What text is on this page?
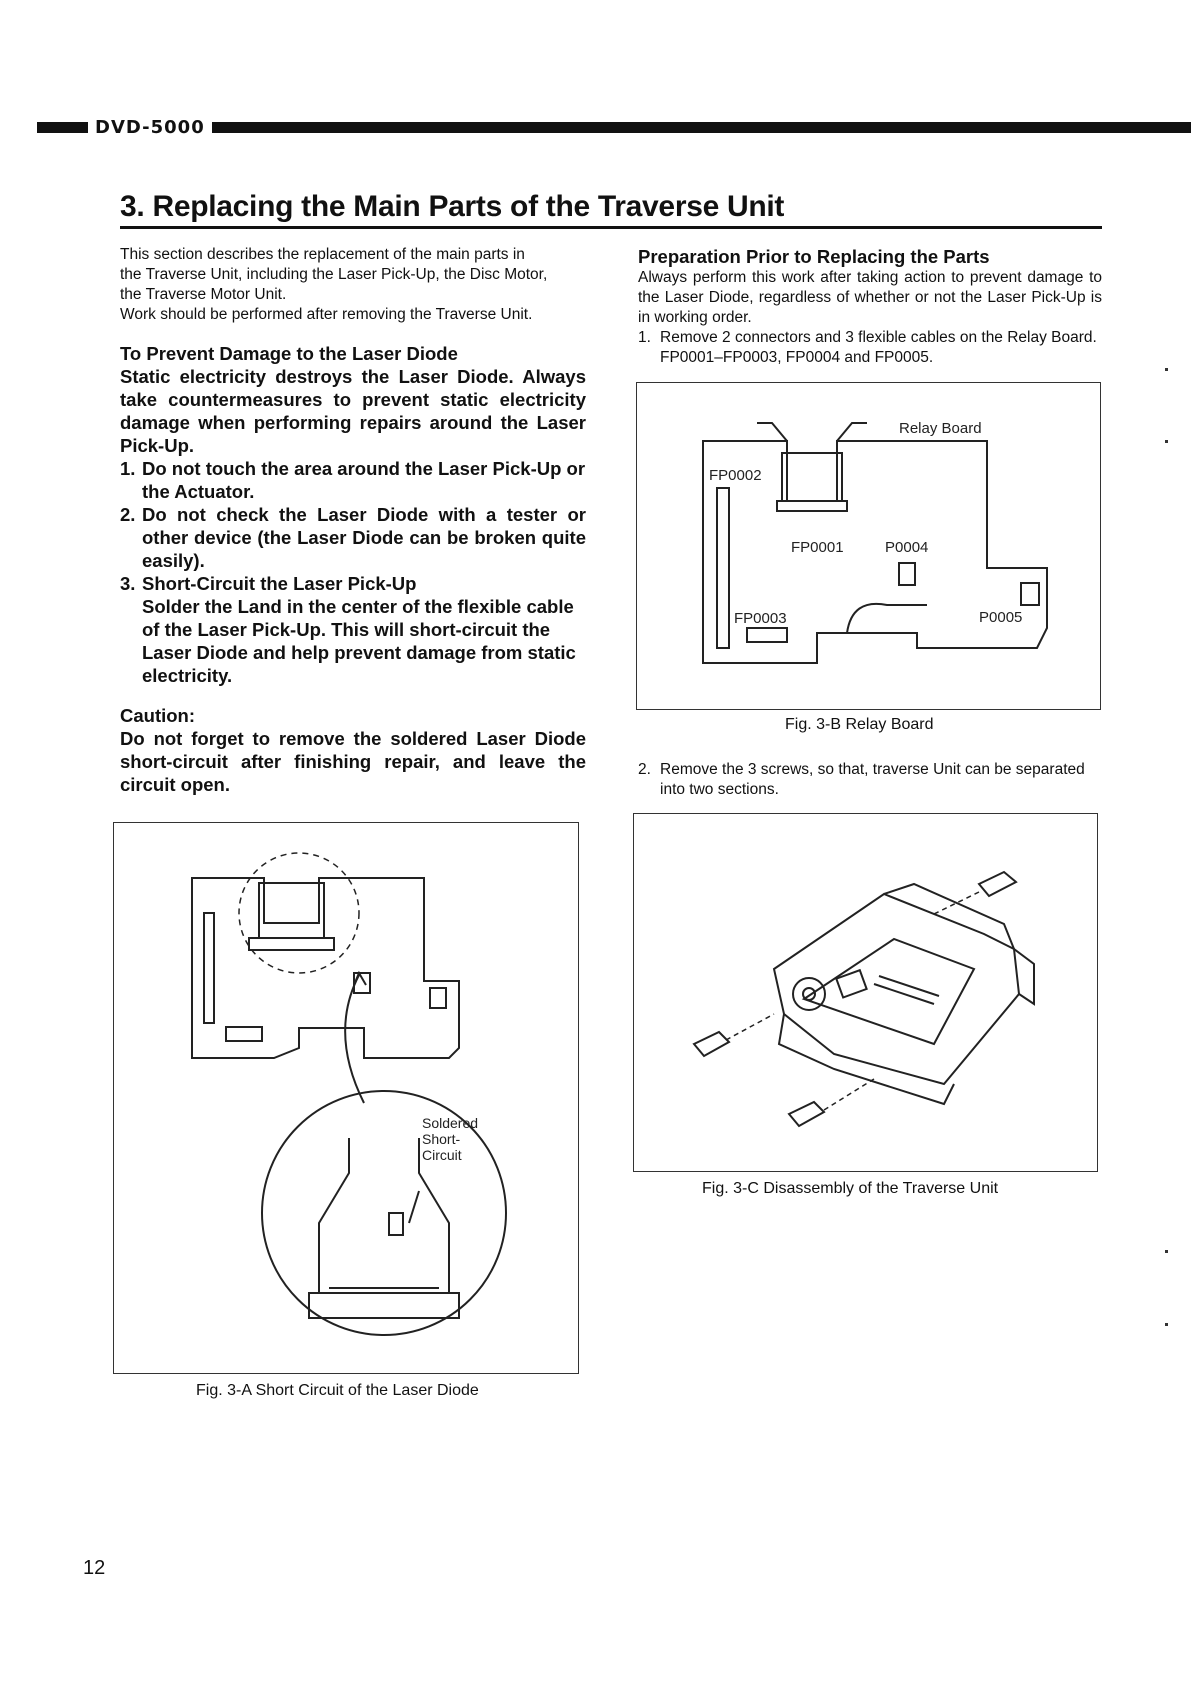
DVD-5000
3. Replacing the Main Parts of the Traverse Unit

This section describes the replacement of the main parts in

the Traverse Unit, including the Laser Pick-Up, the Disc Motor,

the Traverse Motor Unit.

Work should be performed after removing the Traverse Unit.

To Prevent Damage to the Laser Diode

Static electricity destroys the Laser Diode. Always take countermeasures to prevent static electricity damage when performing repairs around the Laser Pick-Up.

1. Do not touch the area around the Laser Pick-Up or the Actuator.
2. Do not check the Laser Diode with a tester or other device (the Laser Diode can be broken quite easily).
3. Short-Circuit the Laser Pick-Up
Solder the Land in the center of the flexible cable of the Laser Pick-Up. This will short-circuit the Laser Diode and help prevent damage from static electricity.

Caution:

Do not forget to remove the soldered Laser Diode short-circuit after finishing repair, and leave the circuit open.

Preparation Prior to Replacing the Parts

Always perform this work after taking action to prevent damage to the Laser Diode, regardless of whether or not the Laser Pick-Up is in working order.

1. Remove 2 connectors and 3 flexible cables on the Relay Board. FP0001–FP0003, FP0004 and FP0005.
2. Remove the 3 screws, so that, traverse Unit can be separated into two sections.
Relay Board
FP0002
FP0001	P0004
FP0003	P0005
Fig. 3-B Relay Board
Fig. 3-C Disassembly of the Traverse Unit
Soldered
Short-
Circuit
Fig. 3-A Short Circuit of the Laser Diode
12
